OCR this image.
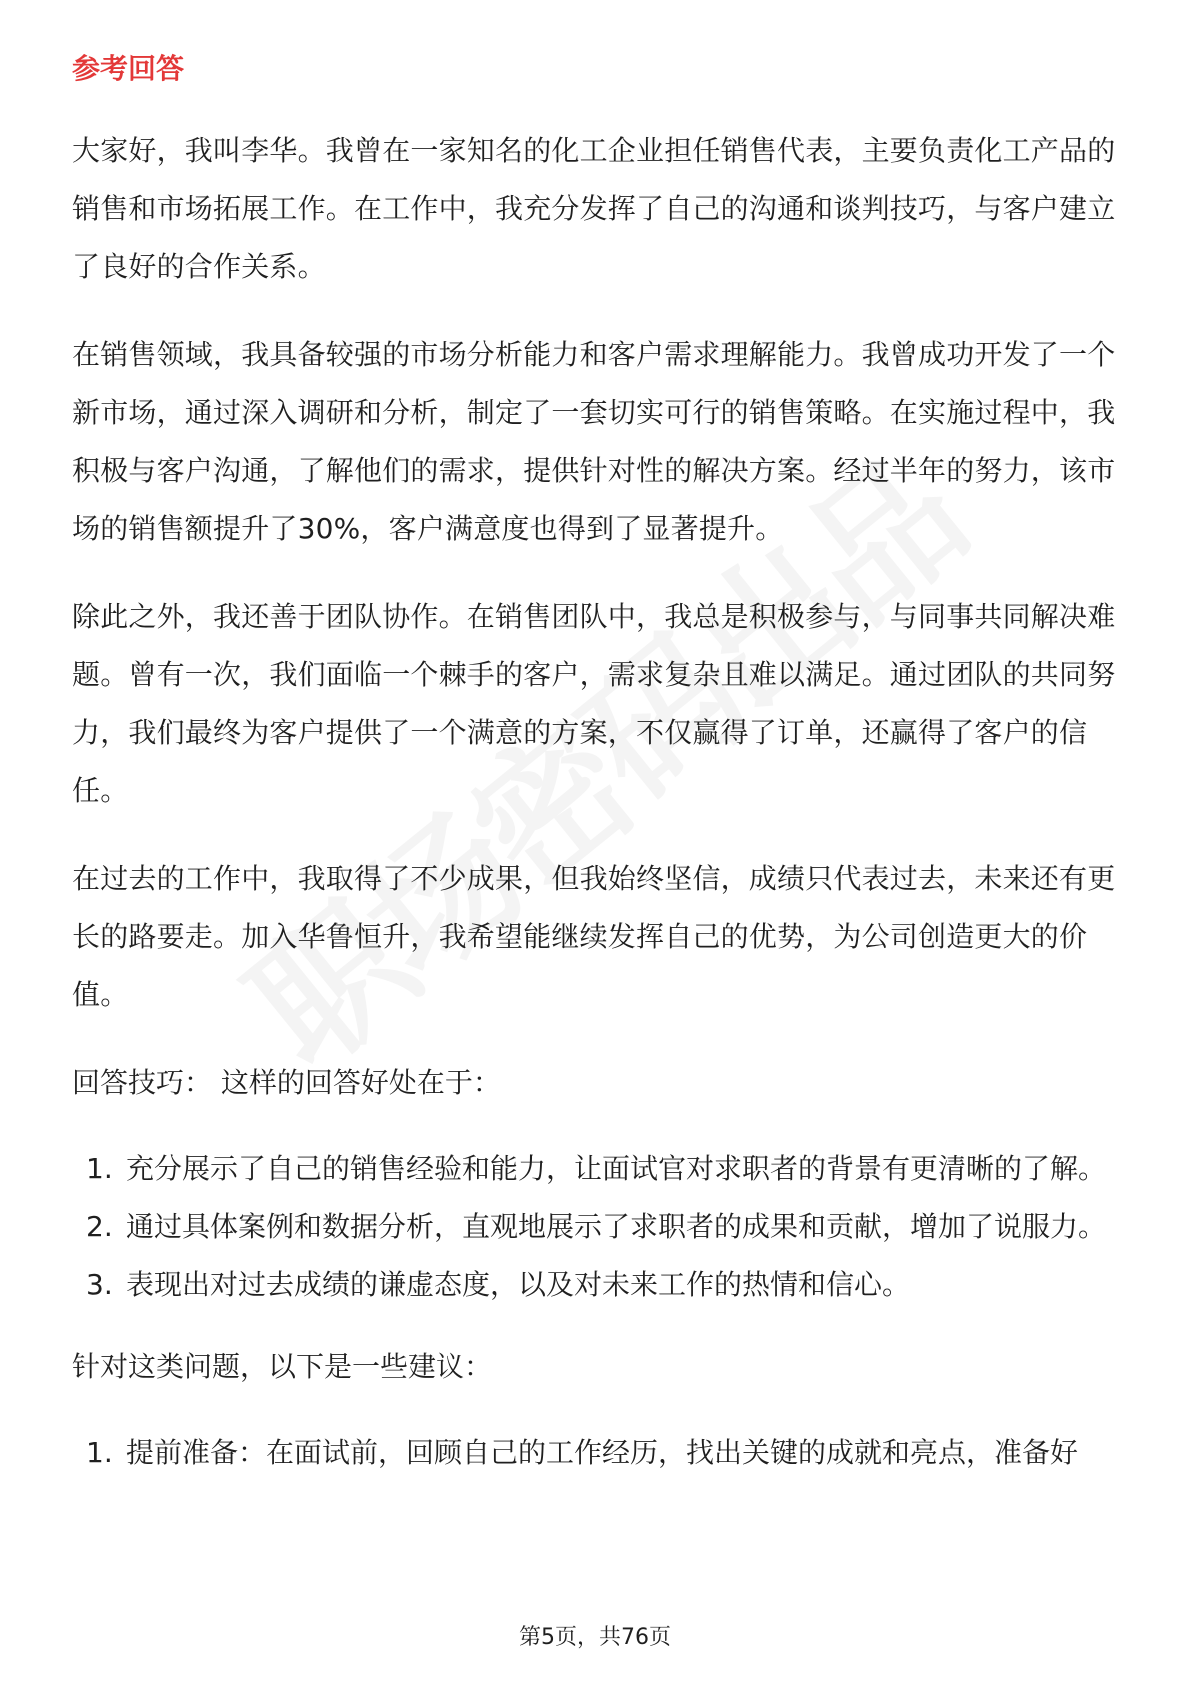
参考回答

大家好，我叫李华。我曾在一家知名的化工企业担任销售代表，主要负责化工产品的销售和市场拓展工作。在工作中，我充分发挥了自己的沟通和谈判技巧，与客户建立了良好的合作关系。

在销售领域，我具备较强的市场分析能力和客户需求理解能力。我曾成功开发了一个新市场，通过深入调研和分析，制定了一套切实可行的销售策略。在实施过程中，我积极与客户沟通，了解他们的需求，提供针对性的解决方案。经过半年的努力，该市场的销售额提升了30%，客户满意度也得到了显著提升。

除此之外，我还善于团队协作。在销售团队中，我总是积极参与，与同事共同解决难题。曾有一次，我们面临一个棘手的客户，需求复杂且难以满足。通过团队的共同努力，我们最终为客户提供了一个满意的方案，不仅赢得了订单，还赢得了客户的信任。

在过去的工作中，我取得了不少成果，但我始终坚信，成绩只代表过去，未来还有更长的路要走。加入华鲁恒升，我希望能继续发挥自己的优势，为公司创造更大的价值。

回答技巧： 这样的回答好处在于：
1. 充分展示了自己的销售经验和能力，让面试官对求职者的背景有更清晰的了解。
2. 通过具体案例和数据分析，直观地展示了求职者的成果和贡献，增加了说服力。
3. 表现出对过去成绩的谦虚态度，以及对未来工作的热情和信心。
针对这类问题，以下是一些建议：
1. 提前准备：在面试前，回顾自己的工作经历，找出关键的成就和亮点，准备好
第5页，共76页
